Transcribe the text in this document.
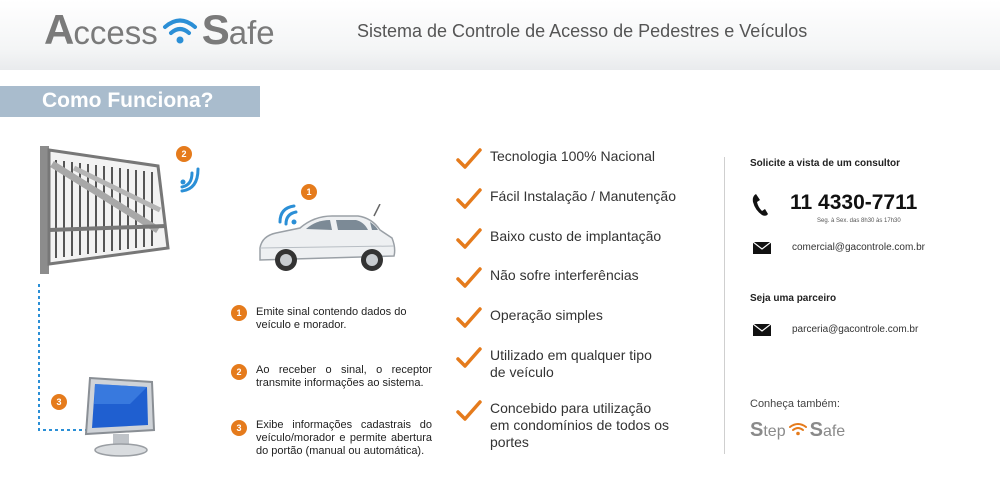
A ccess S afe	Sistema de Controle de Acesso de Pedestres e Veículos
Como Funciona?
2
3
1
1	Emite sinal contendo dados do veículo e morador.
2	Ao receber o sinal, o receptor transmite informações ao sistema.
3	Exibe informações cadastrais do veículo/morador e permite abertura do portão (manual ou automática).
Tecnologia 100% Nacional
Fácil Instalação / Manutenção
Baixo custo de implantação
Não sofre interferências
Operação simples
Utilizado em qualquer tipo de veículo
Concebido para utilização em condomínios de todos os portes
Solicite a vista de um consultor
11 4330-7711
Seg. à Sex. das 8h30 às 17h30
comercial@gacontrole.com.br
Seja uma parceiro
parceria@gacontrole.com.br
Conheça também:
S tep S afe
